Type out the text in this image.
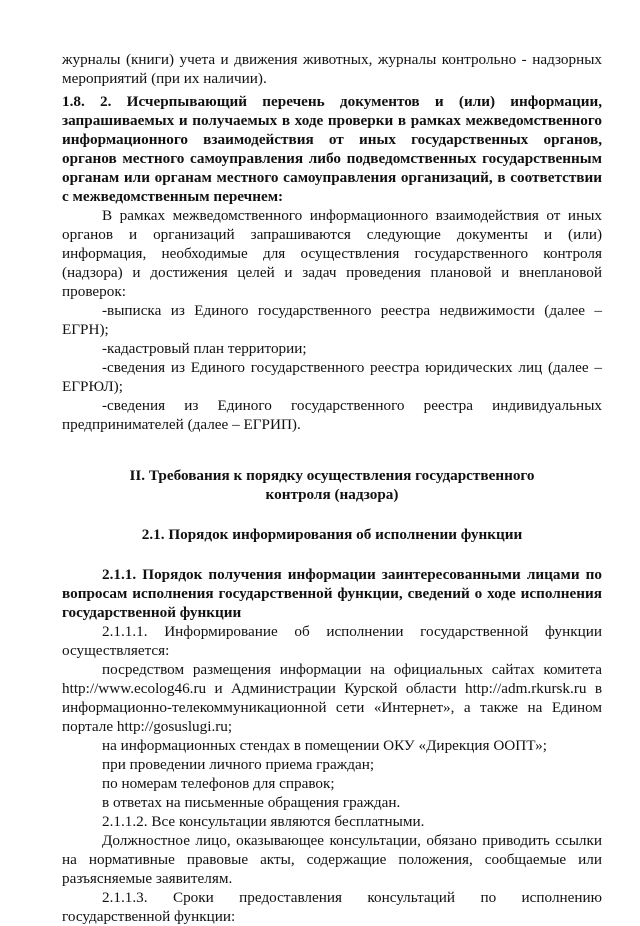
журналы (книги) учета и движения животных, журналы контрольно - надзорных мероприятий (при их наличии).

1.8. 2. Исчерпывающий перечень документов и (или) информации, запрашиваемых и получаемых в ходе проверки в рамках межведомственного информационного взаимодействия от иных государственных органов, органов местного самоуправления либо подведомственных государственным органам или органам местного самоуправления организаций, в соответствии с межведомственным перечнем:

В рамках межведомственного информационного взаимодействия от иных органов и организаций запрашиваются следующие документы и (или) информация, необходимые для осуществления государственного контроля (надзора) и достижения целей и задач проведения плановой и внеплановой проверок:

-выписка из Единого государственного реестра недвижимости (далее – ЕГРН);

-кадастровый план территории;

-сведения из Единого государственного реестра юридических лиц (далее – ЕГРЮЛ);

-сведения из Единого государственного реестра индивидуальных предпринимателей (далее – ЕГРИП).

II. Требования к порядку осуществления государственного контроля (надзора)

2.1. Порядок информирования об исполнении функции

2.1.1. Порядок получения информации заинтересованными лицами по вопросам исполнения государственной функции, сведений о ходе исполнения государственной функции

2.1.1.1. Информирование об исполнении государственной функции осуществляется:

посредством размещения информации на официальных сайтах комитета http://www.ecolog46.ru и Администрации Курской области http://adm.rkursk.ru в информационно-телекоммуникационной сети «Интернет», а также на Едином портале http://gosuslugi.ru;

на информационных стендах в помещении ОКУ «Дирекция ООПТ»;

при проведении личного приема граждан;

по номерам телефонов для справок;

в ответах на письменные обращения граждан.

2.1.1.2. Все консультации являются бесплатными.

Должностное лицо, оказывающее консультации, обязано приводить ссылки на нормативные правовые акты, содержащие положения, сообщаемые или разъясняемые заявителям.

2.1.1.3. Сроки предоставления консультаций по исполнению государственной функции:
